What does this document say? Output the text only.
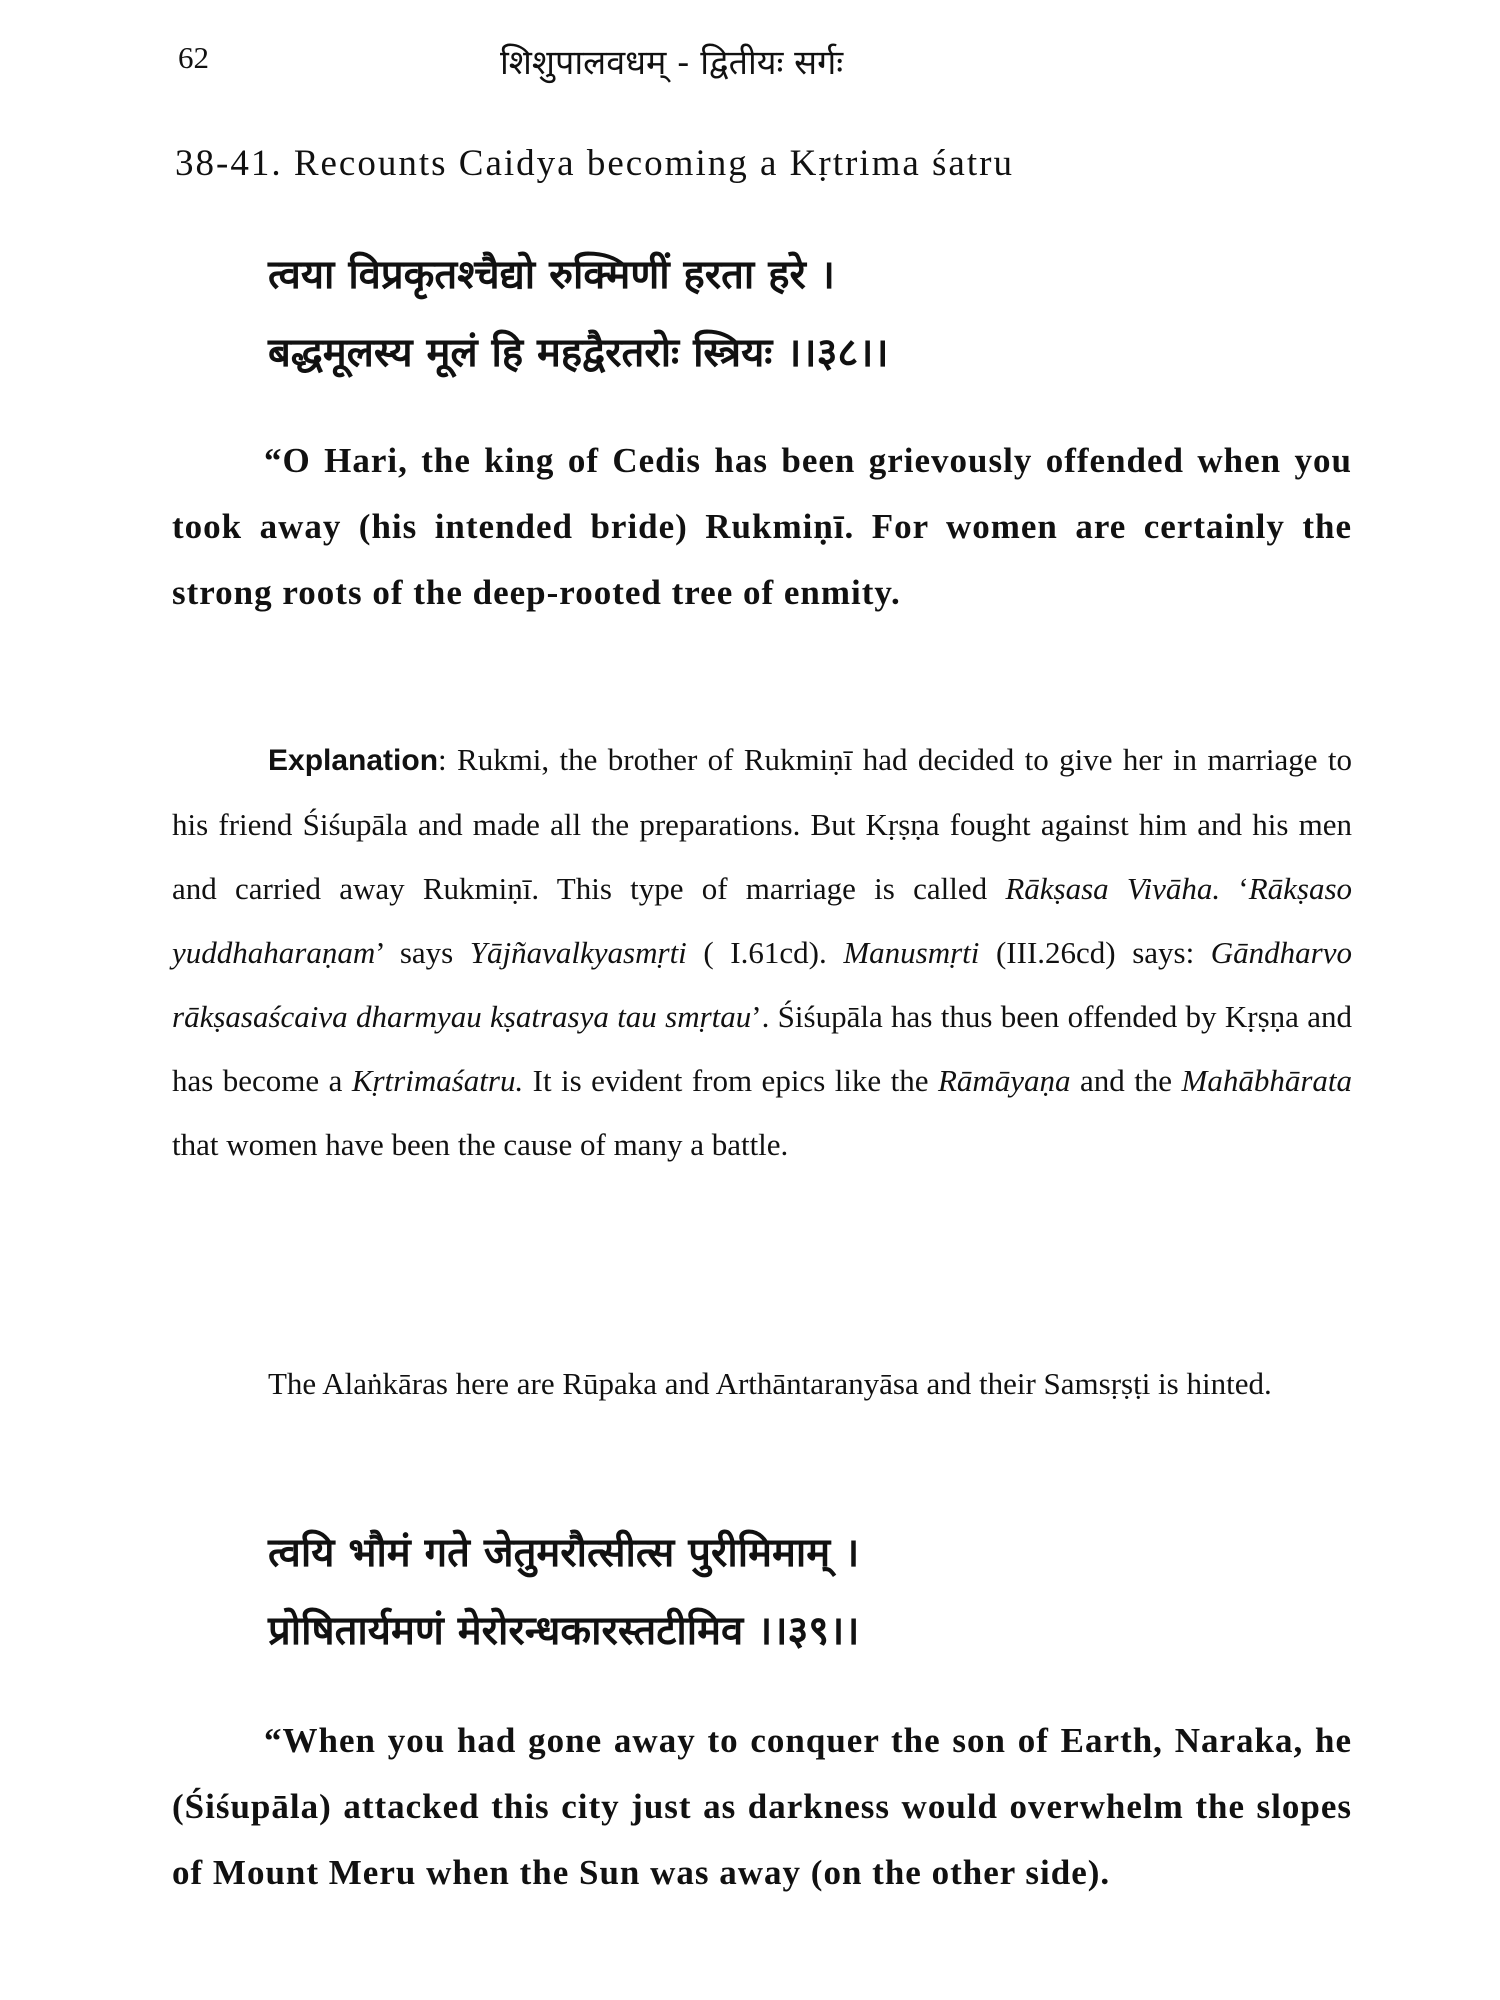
62	शिशुपालवधम् - द्वितीयः सर्गः
38-41. Recounts Caidya becoming a Kṛtrima śatru
त्वया विप्रकृतश्चैद्यो रुक्मिणीं हरता हरे ।
बद्धमूलस्य मूलं हि महद्वैरतरोः स्त्रियः ।।३८।।

“O Hari, the king of Cedis has been grievously offended when you took away (his intended bride) Rukmiṇī. For women are certainly the strong roots of the deep-rooted tree of enmity.

Explanation: Rukmi, the brother of Rukmiṇī had decided to give her in marriage to his friend Śiśupāla and made all the preparations. But Kṛṣṇa fought against him and his men and carried away Rukmiṇī. This type of marriage is called Rākṣasa Vivāha. ‘Rākṣaso yuddhaharaṇam’ says Yājñavalkyasmṛti ( I.61cd). Manusmṛti (III.26cd) says: Gāndharvo rākṣasaścaiva dharmyau kṣatrasya tau smṛtau’. Śiśupāla has thus been offended by Kṛṣṇa and has become a Kṛtrimaśatru. It is evident from epics like the Rāmāyaṇa and the Mahābhārata that women have been the cause of many a battle.

The Alaṅkāras here are Rūpaka and Arthāntaranyāsa and their Samsṛṣṭi is hinted.

त्वयि भौमं गते जेतुमरौत्सीत्स पुरीमिमाम् ।
प्रोषितार्यमणं मेरोरन्धकारस्तटीमिव ।।३९।।

“When you had gone away to conquer the son of Earth, Naraka, he (Śiśupāla) attacked this city just as darkness would overwhelm the slopes of Mount Meru when the Sun was away (on the other side).
